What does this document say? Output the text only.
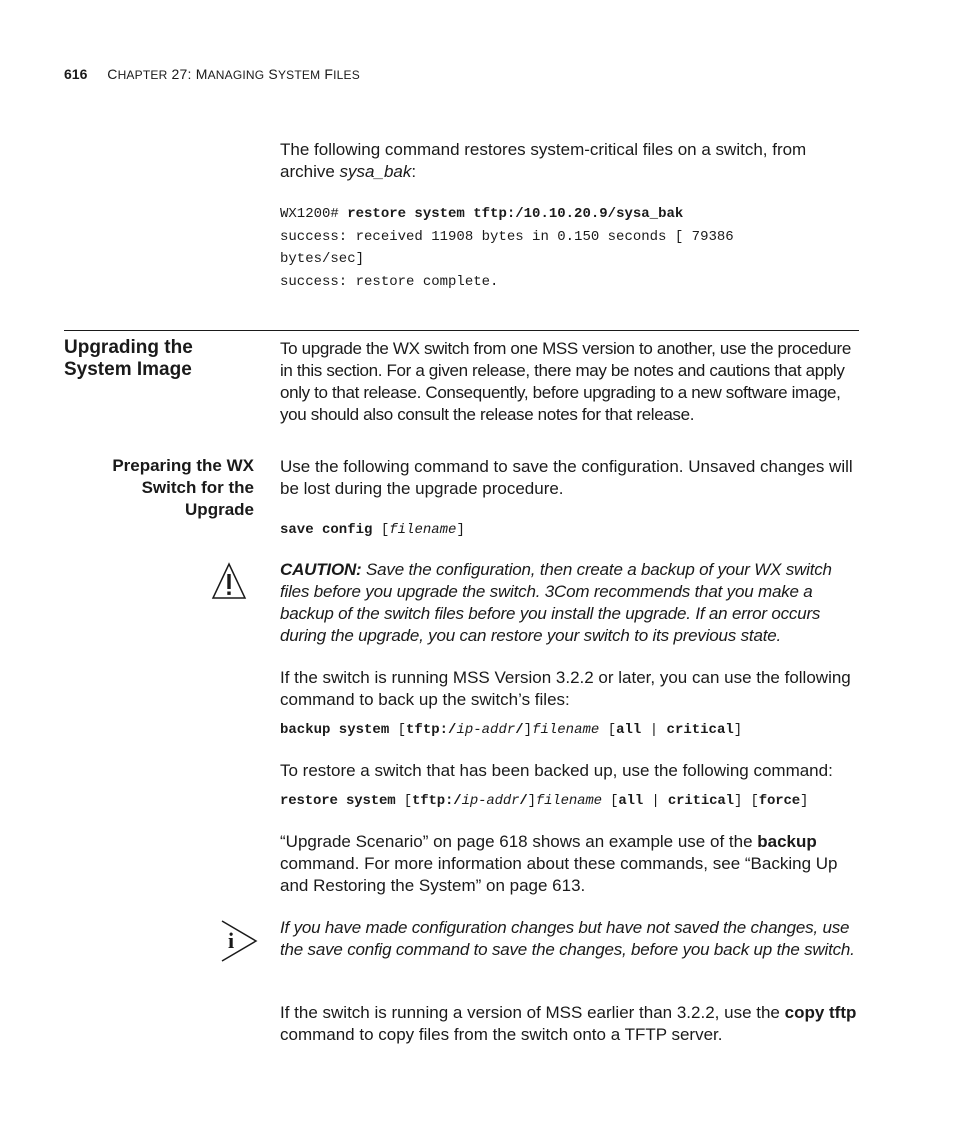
616 CHAPTER 27: MANAGING SYSTEM FILES
The following command restores system-critical files on a switch, from archive sysa_bak:
WX1200# restore system tftp:/10.10.20.9/sysa_bak
success: received 11908 bytes in 0.150 seconds [ 79386
bytes/sec]
success: restore complete.
Upgrading the
System Image
To upgrade the WX switch from one MSS version to another, use the procedure in this section. For a given release, there may be notes and cautions that apply only to that release. Consequently, before upgrading to a new software image, you should also consult the release notes for that release.
Preparing the WX
Switch for the
Upgrade
Use the following command to save the configuration. Unsaved changes will be lost during the upgrade procedure.
save config [filename]
CAUTION: Save the configuration, then create a backup of your WX switch files before you upgrade the switch. 3Com recommends that you make a backup of the switch files before you install the upgrade. If an error occurs during the upgrade, you can restore your switch to its previous state.
If the switch is running MSS Version 3.2.2 or later, you can use the following command to back up the switch’s files:
backup system [tftp:/ip-addr/]filename [all | critical]
To restore a switch that has been backed up, use the following command:
restore system [tftp:/ip-addr/]filename [all | critical] [force]
“Upgrade Scenario” on page 618 shows an example use of the backup command. For more information about these commands, see “Backing Up and Restoring the System” on page 613.
i
If you have made configuration changes but have not saved the changes, use the save config command to save the changes, before you back up the switch.
If the switch is running a version of MSS earlier than 3.2.2, use the copy tftp command to copy files from the switch onto a TFTP server.
